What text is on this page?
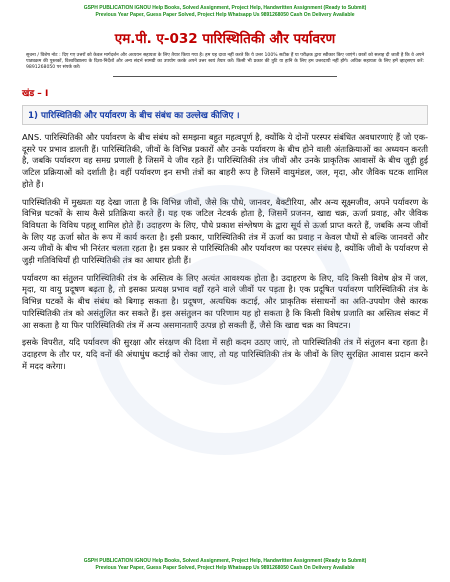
GSPH PUBLICATION IGNOU Help Books, Solved Assignment, Project Help, Handwritten Assignment (Ready to Submit)
Previous Year Paper, Guess Paper Solved, Project Help Whatsapp Us 9891268050 Cash On Delivery Available
एम.पी. ए-032 पारिस्थितिकी और पर्यावरण
सूचना / विशेष नोट : दिए गए उत्तरों को केवल मार्गदर्शन और अध्ययन सहायता के लिए तैयार किया गया है। हम यह दावा नहीं करते कि ये उत्तर 100% सटीक हैं या परीक्षक द्वारा स्वीकार किए जाएंगे। छात्रों को सलाह दी जाती है कि वे अपने पाठ्यक्रम की पुस्तकों, विश्वविद्यालय के दिशा-निर्देशों और अन्य संदर्भ सामग्री का उपयोग करके अपने उत्तर स्वयं तैयार करें। किसी भी प्रकार की त्रुटि या हानि के लिए हम उत्तरदायी नहीं होंगे। अधिक सहायता के लिए हमें व्हाट्सएप करें: 9891268050 पर संपर्क करें।
खंड – I
1) पारिस्थितिकी और पर्यावरण के बीच संबंध का उल्लेख कीजिए ।

ANS. पारिस्थितिकी और पर्यावरण के बीच संबंध को समझना बहुत महत्वपूर्ण है, क्योंकि ये दोनों परस्पर संबंधित अवधारणाएं हैं जो एक-दूसरे पर प्रभाव डालती हैं। पारिस्थितिकी, जीवों के विभिन्न प्रकारों और उनके पर्यावरण के बीच होने वाली अंतःक्रियाओं का अध्ययन करती है, जबकि पर्यावरण वह समग्र प्रणाली है जिसमें ये जीव रहते हैं। पारिस्थितिकी तंत्र जीवों और उनके प्राकृतिक आवासों के बीच जुड़ी हुई जटिल प्रक्रियाओं को दर्शाती है। वहीं पर्यावरण इन सभी तंत्रों का बाहरी रूप है जिसमें वायुमंडल, जल, मृदा, और जैविक घटक शामिल होते हैं।

पारिस्थितिकी में मुख्यतः यह देखा जाता है कि विभिन्न जीवों, जैसे कि पौधे, जानवर, बैक्टीरिया, और अन्य सूक्ष्मजीव, अपने पर्यावरण के विभिन्न घटकों के साथ कैसे प्रतिक्रिया करते हैं। यह एक जटिल नेटवर्क होता है, जिसमें प्रजनन, खाद्य चक्र, ऊर्जा प्रवाह, और जैविक विविधता के विविध पहलू शामिल होते हैं। उदाहरण के लिए, पौधे प्रकाश संश्लेषण के द्वारा सूर्य से ऊर्जा प्राप्त करते हैं, जबकि अन्य जीवों के लिए यह ऊर्जा स्रोत के रूप में कार्य करता है। इसी प्रकार, पारिस्थितिकी तंत्र में ऊर्जा का प्रवाह न केवल पौधों से बल्कि जानवरों और अन्य जीवों के बीच भी निरंतर चलता रहता है। इस प्रकार से पारिस्थितिकी और पर्यावरण का परस्पर संबंध है, क्योंकि जीवों के पर्यावरण से जुड़ी गतिविधियाँ ही पारिस्थितिकी तंत्र का आधार होती हैं।

पर्यावरण का संतुलन पारिस्थितिकी तंत्र के अस्तित्व के लिए अत्यंत आवश्यक होता है। उदाहरण के लिए, यदि किसी विशेष क्षेत्र में जल, मृदा, या वायु प्रदूषण बढ़ता है, तो इसका प्रत्यक्ष प्रभाव वहाँ रहने वाले जीवों पर पड़ता है। एक प्रदूषित पर्यावरण पारिस्थितिकी तंत्र के विभिन्न घटकों के बीच संबंध को बिगाड़ सकता है। प्रदूषण, अत्यधिक कटाई, और प्राकृतिक संसाधनों का अति-उपयोग जैसे कारक पारिस्थितिकी तंत्र को असंतुलित कर सकते हैं। इस असंतुलन का परिणाम यह हो सकता है कि किसी विशेष प्रजाति का अस्तित्व संकट में आ सकता है या फिर पारिस्थितिकी तंत्र में अन्य असमानताएँ उत्पन्न हो सकती हैं, जैसे कि खाद्य चक्र का विघटन।

इसके विपरीत, यदि पर्यावरण की सुरक्षा और संरक्षण की दिशा में सही कदम उठाए जाएं, तो पारिस्थितिकी तंत्र में संतुलन बना रहता है। उदाहरण के तौर पर, यदि वनों की अंधाधुंध कटाई को रोका जाए, तो यह पारिस्थितिकी तंत्र के जीवों के लिए सुरक्षित आवास प्रदान करने में मदद करेगा।

GSPH PUBLICATION IGNOU Help Books, Solved Assignment, Project Help, Handwritten Assignment (Ready to Submit)
Previous Year Paper, Guess Paper Solved, Project Help Whatsapp Us 9891268050 Cash On Delivery Available
